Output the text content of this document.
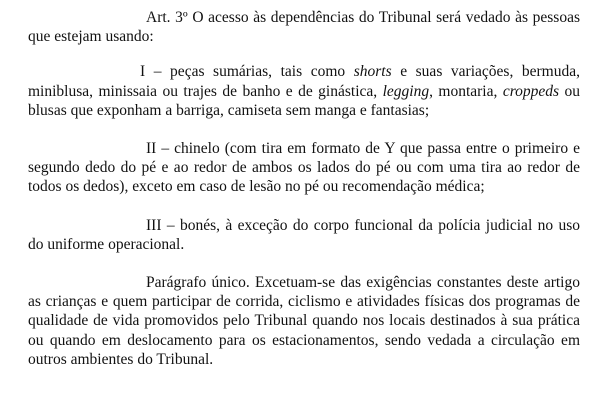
Art. 3º O acesso às dependências do Tribunal será vedado às pessoas que estejam usando:

I – peças sumárias, tais como shorts e suas variações, bermuda, miniblusa, minissaia ou trajes de banho e de ginástica, legging, montaria, croppeds ou blusas que exponham a barriga, camiseta sem manga e fantasias;

II – chinelo (com tira em formato de Y que passa entre o primeiro e segundo dedo do pé e ao redor de ambos os lados do pé ou com uma tira ao redor de todos os dedos), exceto em caso de lesão no pé ou recomendação médica;

III – bonés, à exceção do corpo funcional da polícia judicial no uso do uniforme operacional.

Parágrafo único. Excetuam-se das exigências constantes deste artigo as crianças e quem participar de corrida, ciclismo e atividades físicas dos programas de qualidade de vida promovidos pelo Tribunal quando nos locais destinados à sua prática ou quando em deslocamento para os estacionamentos, sendo vedada a circulação em outros ambientes do Tribunal.
